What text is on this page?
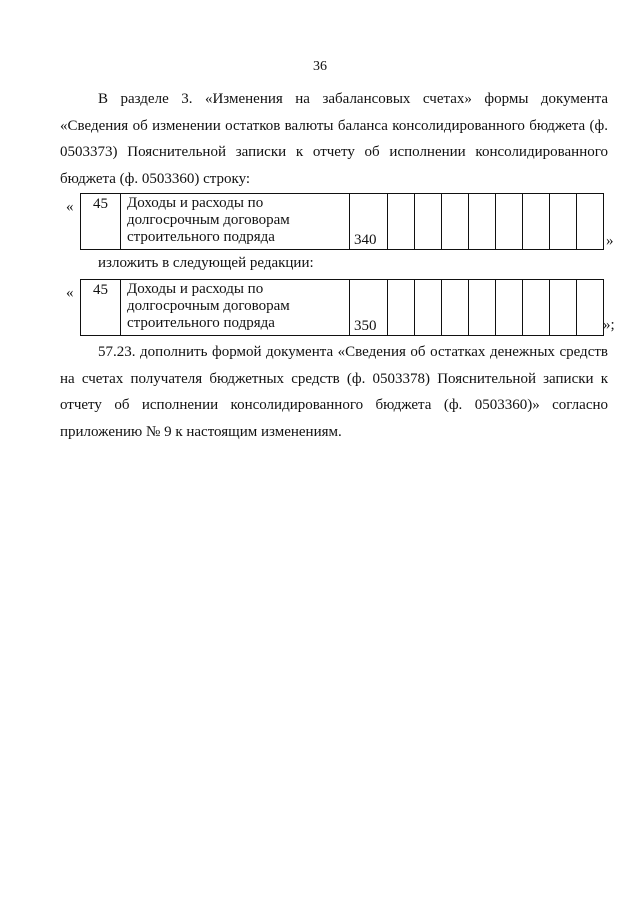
36

В разделе 3. «Изменения на забалансовых счетах» формы документа «Сведения об изменении остатков валюты баланса консолидированного бюджета (ф. 0503373) Пояснительной записки к отчету об исполнении консолидированного бюджета (ф. 0503360) строку:

« 45	Доходы и расходы по долгосрочным договорам строительного подряда	340									»
изложить в следующей редакции:
« 45	Доходы и расходы по долгосрочным договорам строительного подряда	350									»;

57.23. дополнить формой документа «Сведения об остатках денежных средств на счетах получателя бюджетных средств (ф. 0503378) Пояснительной записки к отчету об исполнении консолидированного бюджета (ф. 0503360)» согласно приложению № 9 к настоящим изменениям.
